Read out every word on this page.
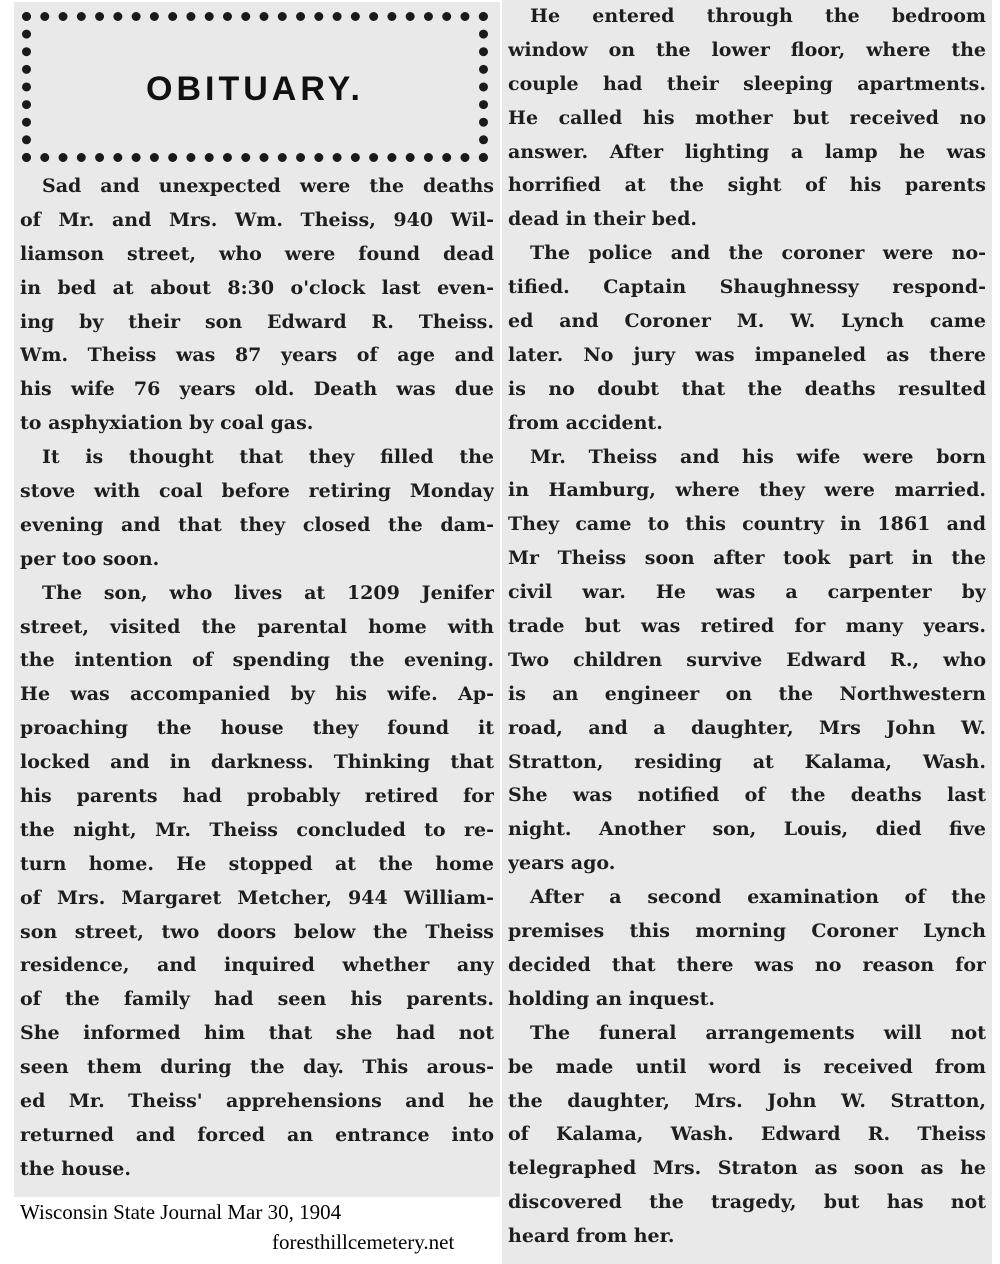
OBITUARY.
Sad and unexpected were the deaths
of Mr. and Mrs. Wm. Theiss, 940 Wil-
liamson street, who were found dead
in bed at about 8:30 o'clock last even-
ing by their son Edward R. Theiss.
Wm. Theiss was 87 years of age and
his wife 76 years old. Death was due
to asphyxiation by coal gas.
It is thought that they filled the
stove with coal before retiring Monday
evening and that they closed the dam-
per too soon.
The son, who lives at 1209 Jenifer
street, visited the parental home with
the intention of spending the evening.
He was accompanied by his wife. Ap-
proaching the house they found it
locked and in darkness. Thinking that
his parents had probably retired for
the night, Mr. Theiss concluded to re-
turn home. He stopped at the home
of Mrs. Margaret Metcher, 944 William-
son street, two doors below the Theiss
residence, and inquired whether any
of the family had seen his parents.
She informed him that she had not
seen them during the day. This arous-
ed Mr. Theiss' apprehensions and he
returned and forced an entrance into
the house.
He entered through the bedroom
window on the lower floor, where the
couple had their sleeping apartments.
He called his mother but received no
answer. After lighting a lamp he was
horrified at the sight of his parents
dead in their bed.
The police and the coroner were no-
tified. Captain Shaughnessy respond-
ed and Coroner M. W. Lynch came
later. No jury was impaneled as there
is no doubt that the deaths resulted
from accident.
Mr. Theiss and his wife were born
in Hamburg, where they were married.
They came to this country in 1861 and
Mr Theiss soon after took part in the
civil war. He was a carpenter by
trade but was retired for many years.
Two children survive Edward R., who
is an engineer on the Northwestern
road, and a daughter, Mrs John W.
Stratton, residing at Kalama, Wash.
She was notified of the deaths last
night. Another son, Louis, died five
years ago.
After a second examination of the
premises this morning Coroner Lynch
decided that there was no reason for
holding an inquest.
The funeral arrangements will not
be made until word is received from
the daughter, Mrs. John W. Stratton,
of Kalama, Wash. Edward R. Theiss
telegraphed Mrs. Straton as soon as he
discovered the tragedy, but has not
heard from her.
Wisconsin State Journal Mar 30, 1904
foresthillcemetery.net
